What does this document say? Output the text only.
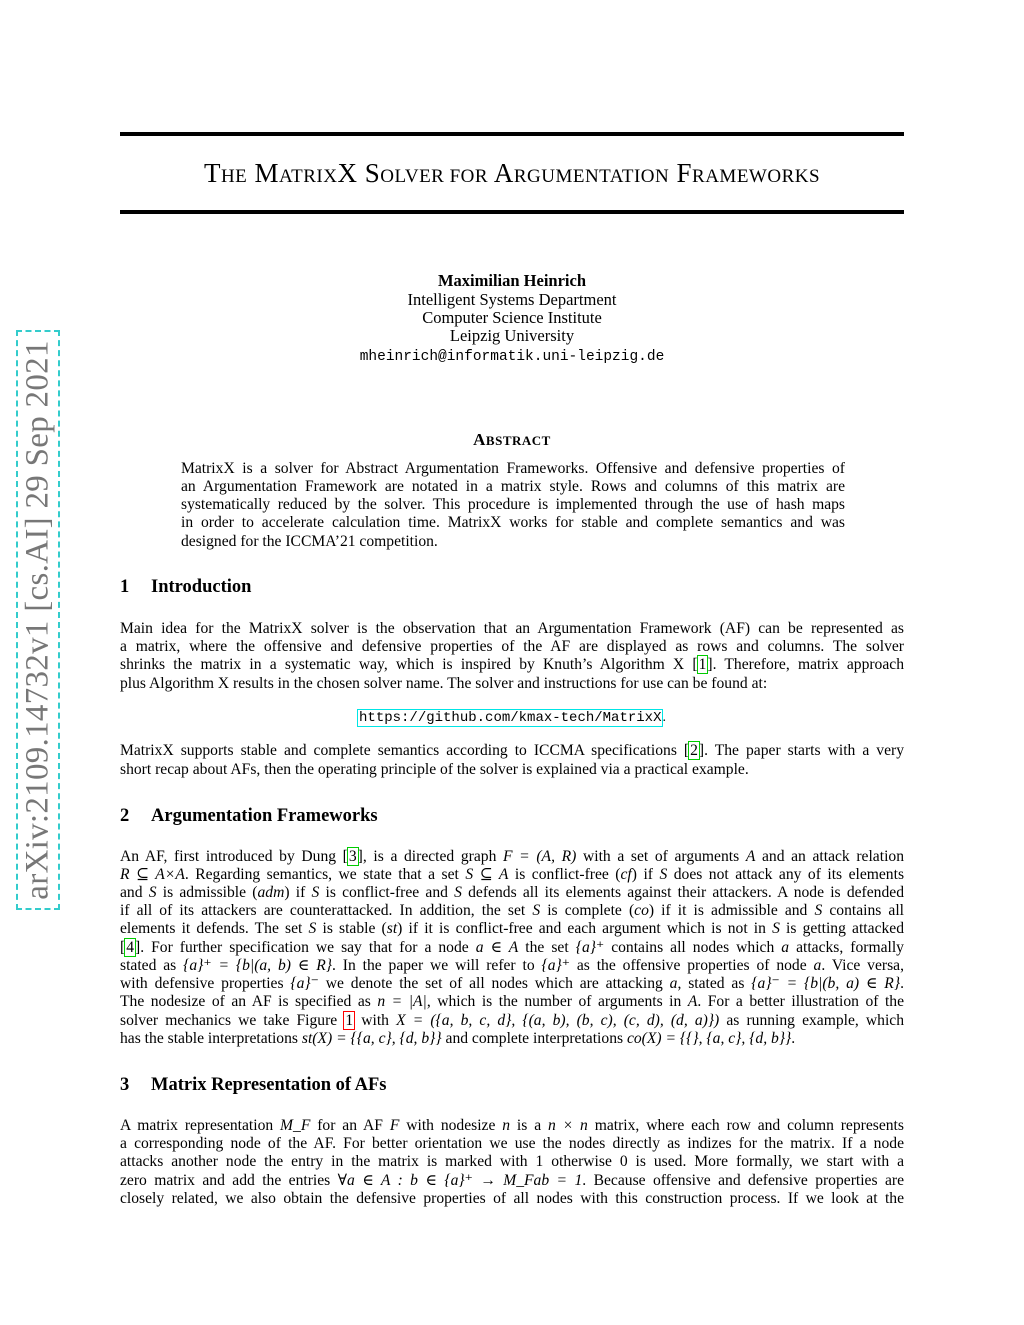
arXiv:2109.14732v1 [cs.AI] 29 Sep 2021
THE MATRIXX SOLVER FOR ARGUMENTATION FRAMEWORKS
Maximilian Heinrich
Intelligent Systems Department
Computer Science Institute
Leipzig University
mheinrich@informatik.uni-leipzig.de
ABSTRACT
MatrixX is a solver for Abstract Argumentation Frameworks. Offensive and defensive properties of
an Argumentation Framework are notated in a matrix style. Rows and columns of this matrix are
systematically reduced by the solver. This procedure is implemented through the use of hash maps
in order to accelerate calculation time. MatrixX works for stable and complete semantics and was
designed for the ICCMA’21 competition.
1 Introduction
Main idea for the MatrixX solver is the observation that an Argumentation Framework (AF) can be represented as
a matrix, where the offensive and defensive properties of the AF are displayed as rows and columns. The solver
shrinks the matrix in a systematic way, which is inspired by Knuth’s Algorithm X [1]. Therefore, matrix approach
plus Algorithm X results in the chosen solver name. The solver and instructions for use can be found at:
https://github.com/kmax-tech/MatrixX.
MatrixX supports stable and complete semantics according to ICCMA specifications [2]. The paper starts with a very
short recap about AFs, then the operating principle of the solver is explained via a practical example.
2 Argumentation Frameworks
An AF, first introduced by Dung [3], is a directed graph F = (A, R) with a set of arguments A and an attack relation
R ⊆ A×A. Regarding semantics, we state that a set S ⊆ A is conflict-free (cf) if S does not attack any of its elements
and S is admissible (adm) if S is conflict-free and S defends all its elements against their attackers. A node is defended
if all of its attackers are counterattacked. In addition, the set S is complete (co) if it is admissible and S contains all
elements it defends. The set S is stable (st) if it is conflict-free and each argument which is not in S is getting attacked
[4]. For further specification we say that for a node a ∈ A the set {a}⁺ contains all nodes which a attacks, formally
stated as {a}⁺ = {b|(a, b) ∈ R}. In the paper we will refer to {a}⁺ as the offensive properties of node a. Vice versa,
with defensive properties {a}⁻ we denote the set of all nodes which are attacking a, stated as {a}⁻ = {b|(b, a) ∈ R}.
The nodesize of an AF is specified as n = |A|, which is the number of arguments in A. For a better illustration of the
solver mechanics we take Figure 1 with X = ({a, b, c, d}, {(a, b), (b, c), (c, d), (d, a)}) as running example, which
has the stable interpretations st(X) = {{a, c}, {d, b}} and complete interpretations co(X) = {{}, {a, c}, {d, b}}.
3 Matrix Representation of AFs
A matrix representation M_F for an AF F with nodesize n is a n × n matrix, where each row and column represents
a corresponding node of the AF. For better orientation we use the nodes directly as indizes for the matrix. If a node
attacks another node the entry in the matrix is marked with 1 otherwise 0 is used. More formally, we start with a
zero matrix and add the entries ∀a ∈ A : b ∈ {a}⁺ → M_Fab = 1. Because offensive and defensive properties are
closely related, we also obtain the defensive properties of all nodes with this construction process. If we look at the
